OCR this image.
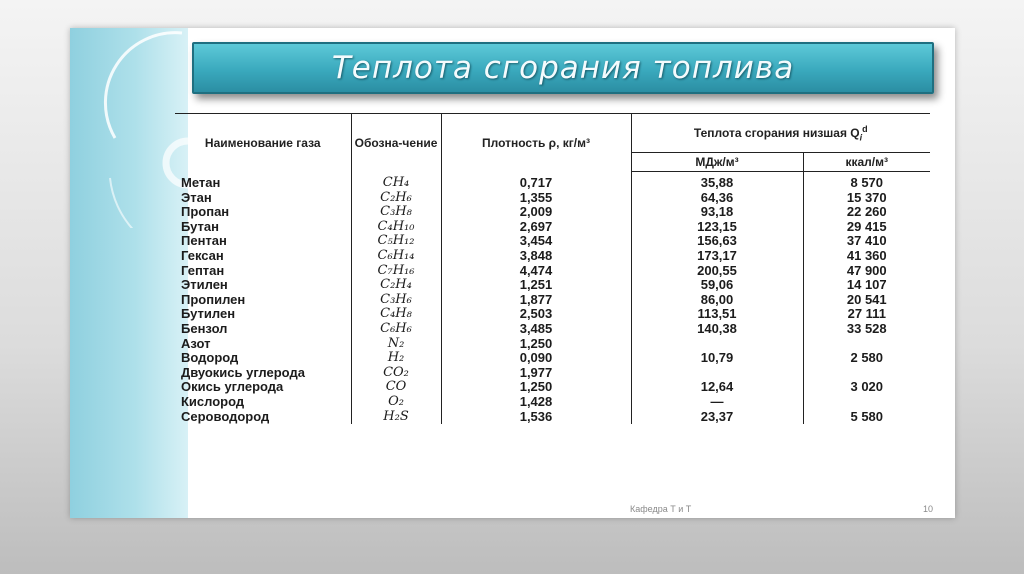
Теплота сгорания топлива
Наименование газа	Обозна-чение	Плотность ρ, кг/м³	Теплота сгорания низшая $Q_i^d$
			МДж/м³	ккал/м³
Метан	CH₄	0,717	35,88	8 570
Этан	C₂H₆	1,355	64,36	15 370
Пропан	C₃H₈	2,009	93,18	22 260
Бутан	C₄H₁₀	2,697	123,15	29 415
Пентан	C₅H₁₂	3,454	156,63	37 410
Гексан	C₆H₁₄	3,848	173,17	41 360
Гептан	C₇H₁₆	4,474	200,55	47 900
Этилен	C₂H₄	1,251	59,06	14 107
Пропилен	C₃H₆	1,877	86,00	20 541
Бутилен	C₄H₈	2,503	113,51	27 111
Бензол	C₆H₆	3,485	140,38	33 528
Азот	N₂	1,250		
Водород	H₂	0,090	10,79	2 580
Двуокись углерода	CO₂	1,977		
Окись углерода	CO	1,250	12,64	3 020
Кислород	O₂	1,428	—	
Сероводород	H₂S	1,536	23,37	5 580
Кафедра Т и Т	10
